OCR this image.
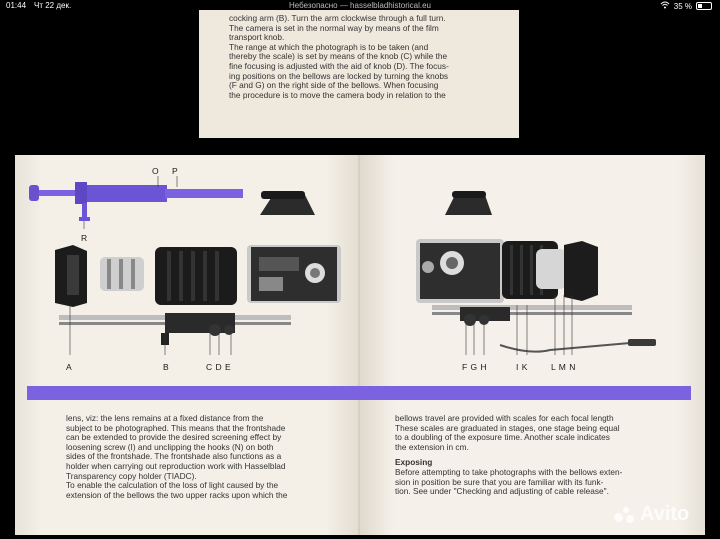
01:44 Чт 22 дек.	Небезопасно — hasselbladhistorical.eu	35 %

cocking arm (B). Turn the arm clockwise through a full turn.

The camera is set in the normal way by means of the film

transport knob.

The range at which the photograph is to be taken (and

thereby the scale) is set by means of the knob (C) while the

fine focusing is adjusted with the aid of knob (D). The focus-

ing positions on the bellows are locked by turning the knobs

(F and G) on the right side of the bellows. When focusing

the procedure is to move the camera body in relation to the

O P
R
A	B	C D E	F G H	I K	L M N

lens, viz: the lens remains at a fixed distance from the

subject to be photographed. This means that the frontshade

can be extended to provide the desired screening effect by

loosening screw (I) and unclipping the hooks (N) on both

sides of the frontshade. The frontshade also functions as a

holder when carrying out reproduction work with Hasselblad

Transparency copy holder (TIADC).

To enable the calculation of the loss of light caused by the

extension of the bellows the two upper racks upon which the

bellows travel are provided with scales for each focal length

These scales are graduated in stages, one stage being equal

to a doubling of the exposure time. Another scale indicates

the extension in cm.

Exposing

Before attempting to take photographs with the bellows exten-

sion in position be sure that you are familiar with its funk-

tion. See under "Checking and adjusting of cable release".

Avito
